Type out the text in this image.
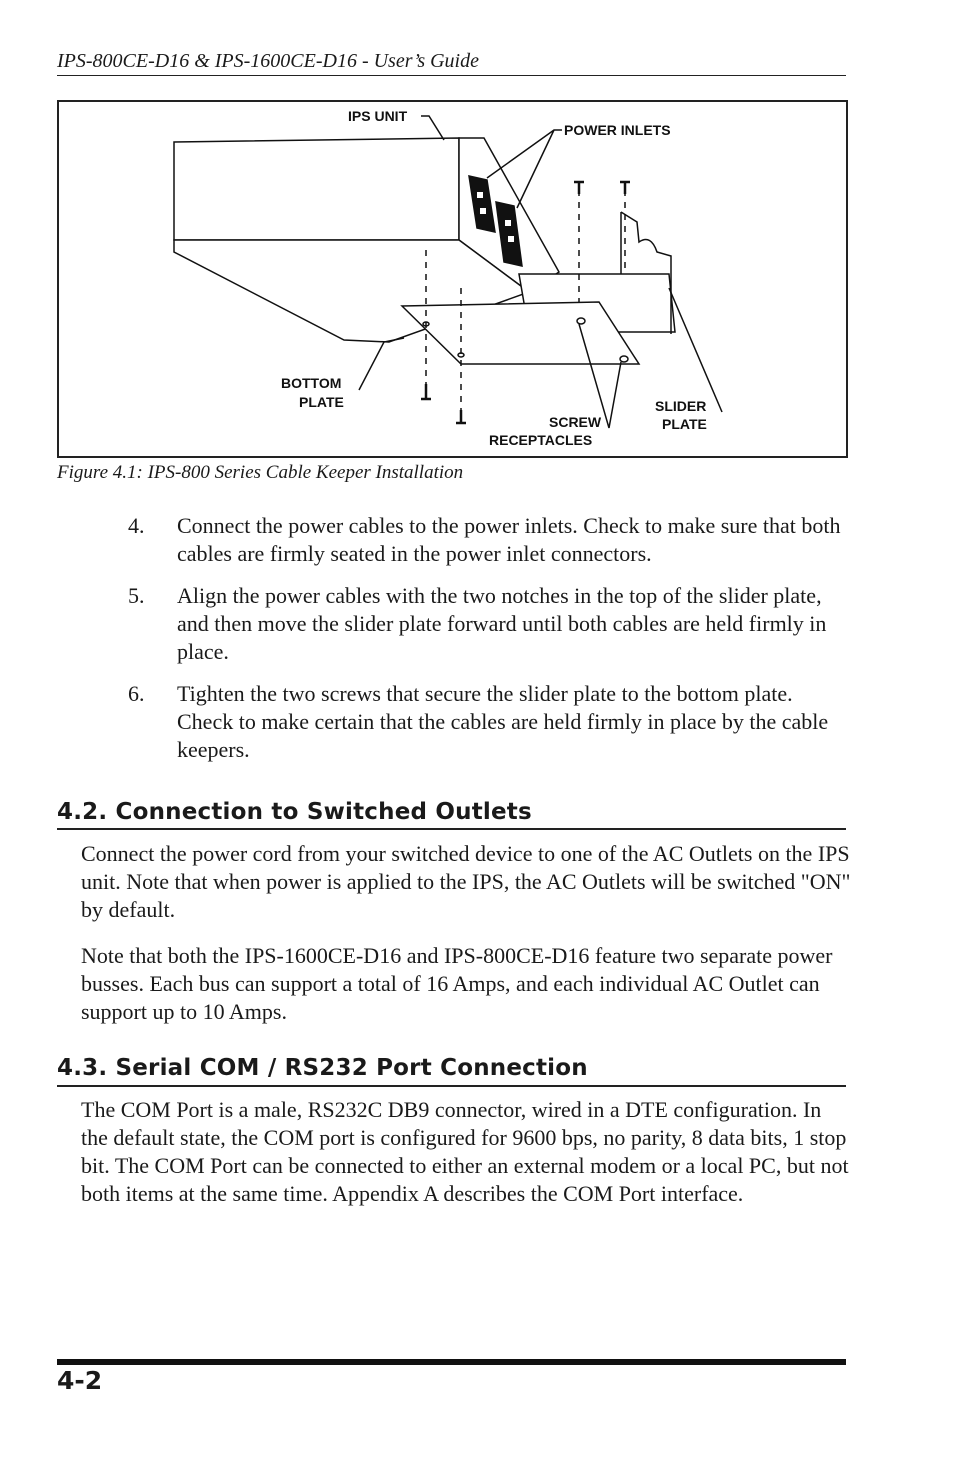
IPS-800CE-D16 & IPS-1600CE-D16 - User’s Guide
IPS UNIT
POWER INLETS
BOTTOM
PLATE
SCREW
RECEPTACLES
SLIDER
PLATE
Figure 4.1: IPS-800 Series Cable Keeper Installation
4.	Connect the power cables to the power inlets. Check to make sure that both cables are firmly seated in the power inlet connectors.
5.	Align the power cables with the two notches in the top of the slider plate, and then move the slider plate forward until both cables are held firmly in place.
6.	Tighten the two screws that secure the slider plate to the bottom plate. Check to make certain that the cables are held firmly in place by the cable keepers.
4.2. Connection to Switched Outlets
Connect the power cord from your switched device to one of the AC Outlets on the IPS unit. Note that when power is applied to the IPS, the AC Outlets will be switched "ON" by default.
Note that both the IPS-1600CE-D16 and IPS-800CE-D16 feature two separate power busses. Each bus can support a total of 16 Amps, and each individual AC Outlet can support up to 10 Amps.
4.3. Serial COM / RS232 Port Connection
The COM Port is a male, RS232C DB9 connector, wired in a DTE configuration. In the default state, the COM port is configured for 9600 bps, no parity, 8 data bits, 1 stop bit. The COM Port can be connected to either an external modem or a local PC, but not both items at the same time. Appendix A describes the COM Port interface.
4-2
